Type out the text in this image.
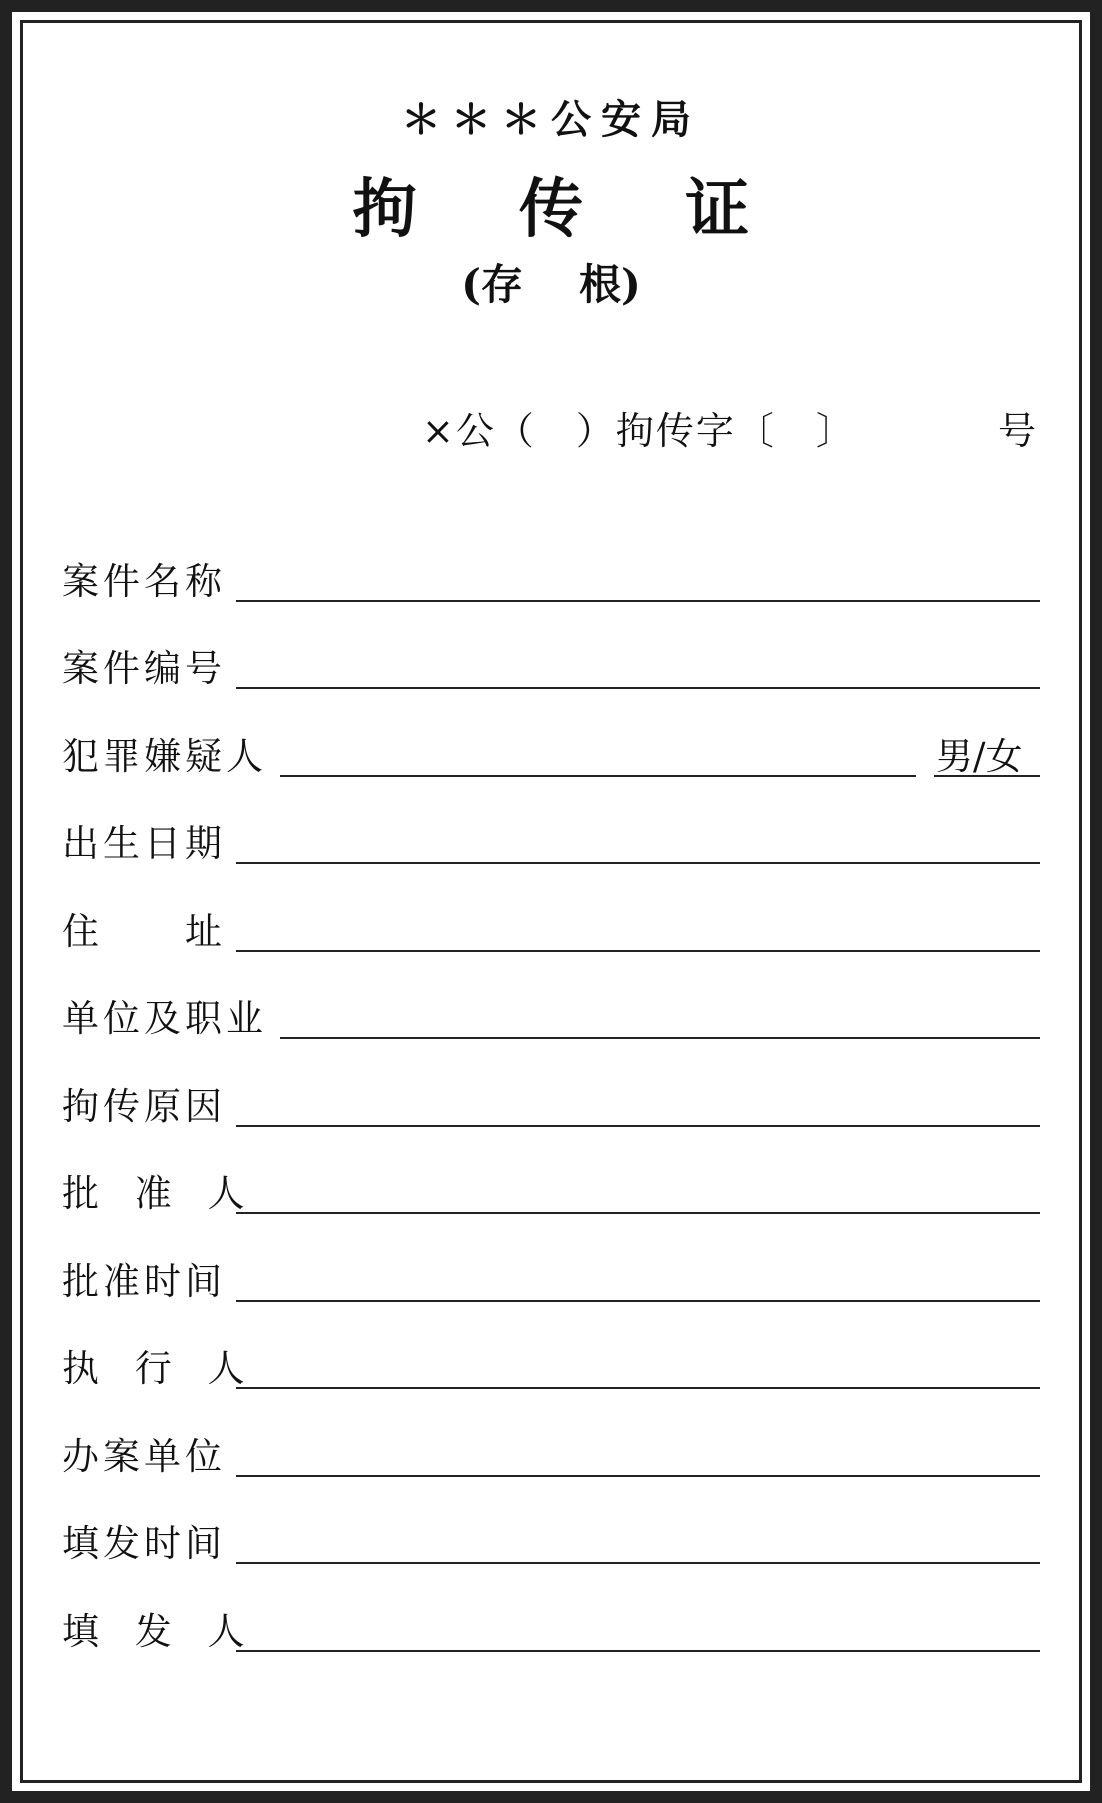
＊＊＊公安局
拘 传 证
(存 根)
×公（　）拘传字〔　〕	号
案件名称
案件编号
犯罪嫌疑人	男/女
出生日期
住　　址
单位及职业
拘传原因
批 准 人
批准时间
执 行 人
办案单位
填发时间
填 发 人
